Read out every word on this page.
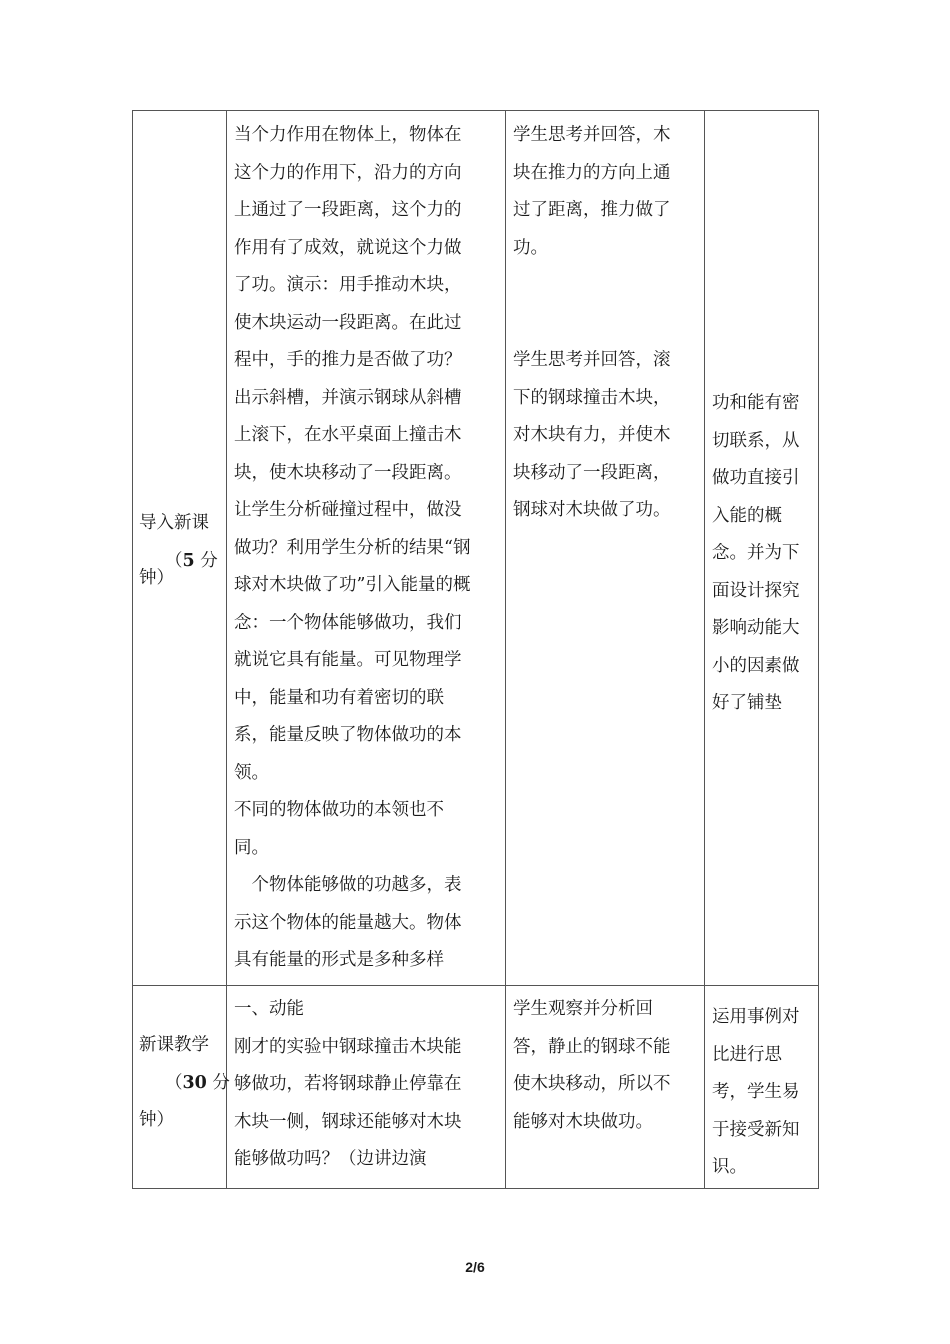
导入新课

（5 分

钟）

当个力作用在物体上，物体在

这个力的作用下，沿力的方向

上通过了一段距离，这个力的

作用有了成效，就说这个力做

了功。演示：用手推动木块，

使木块运动一段距离。在此过

程中，手的推力是否做了功？

出示斜槽，并演示钢球从斜槽

上滚下，在水平桌面上撞击木

块，使木块移动了一段距离。

让学生分析碰撞过程中，做没

做功？利用学生分析的结果“钢

球对木块做了功”引入能量的概

念：一个物体能够做功，我们

就说它具有能量。可见物理学

中，能量和功有着密切的联

系，能量反映了物体做功的本

领。

不同的物体做功的本领也不

同。

　个物体能够做的功越多，表

示这个物体的能量越大。物体

具有能量的形式是多种多样

学生思考并回答，木

块在推力的方向上通

过了距离，推力做了

功。

学生思考并回答，滚

下的钢球撞击木块，

对木块有力，并使木

块移动了一段距离，

钢球对木块做了功。

功和能有密

切联系，从

做功直接引

入能的概

念。并为下

面设计探究

影响动能大

小的因素做

好了铺垫

新课教学

（30 分

钟）

一、动能

刚才的实验中钢球撞击木块能

够做功，若将钢球静止停靠在

木块一侧，钢球还能够对木块

能够做功吗？（边讲边演

学生观察并分析回

答，静止的钢球不能

使木块移动，所以不

能够对木块做功。

运用事例对

比进行思

考，学生易

于接受新知

识。

2/6
